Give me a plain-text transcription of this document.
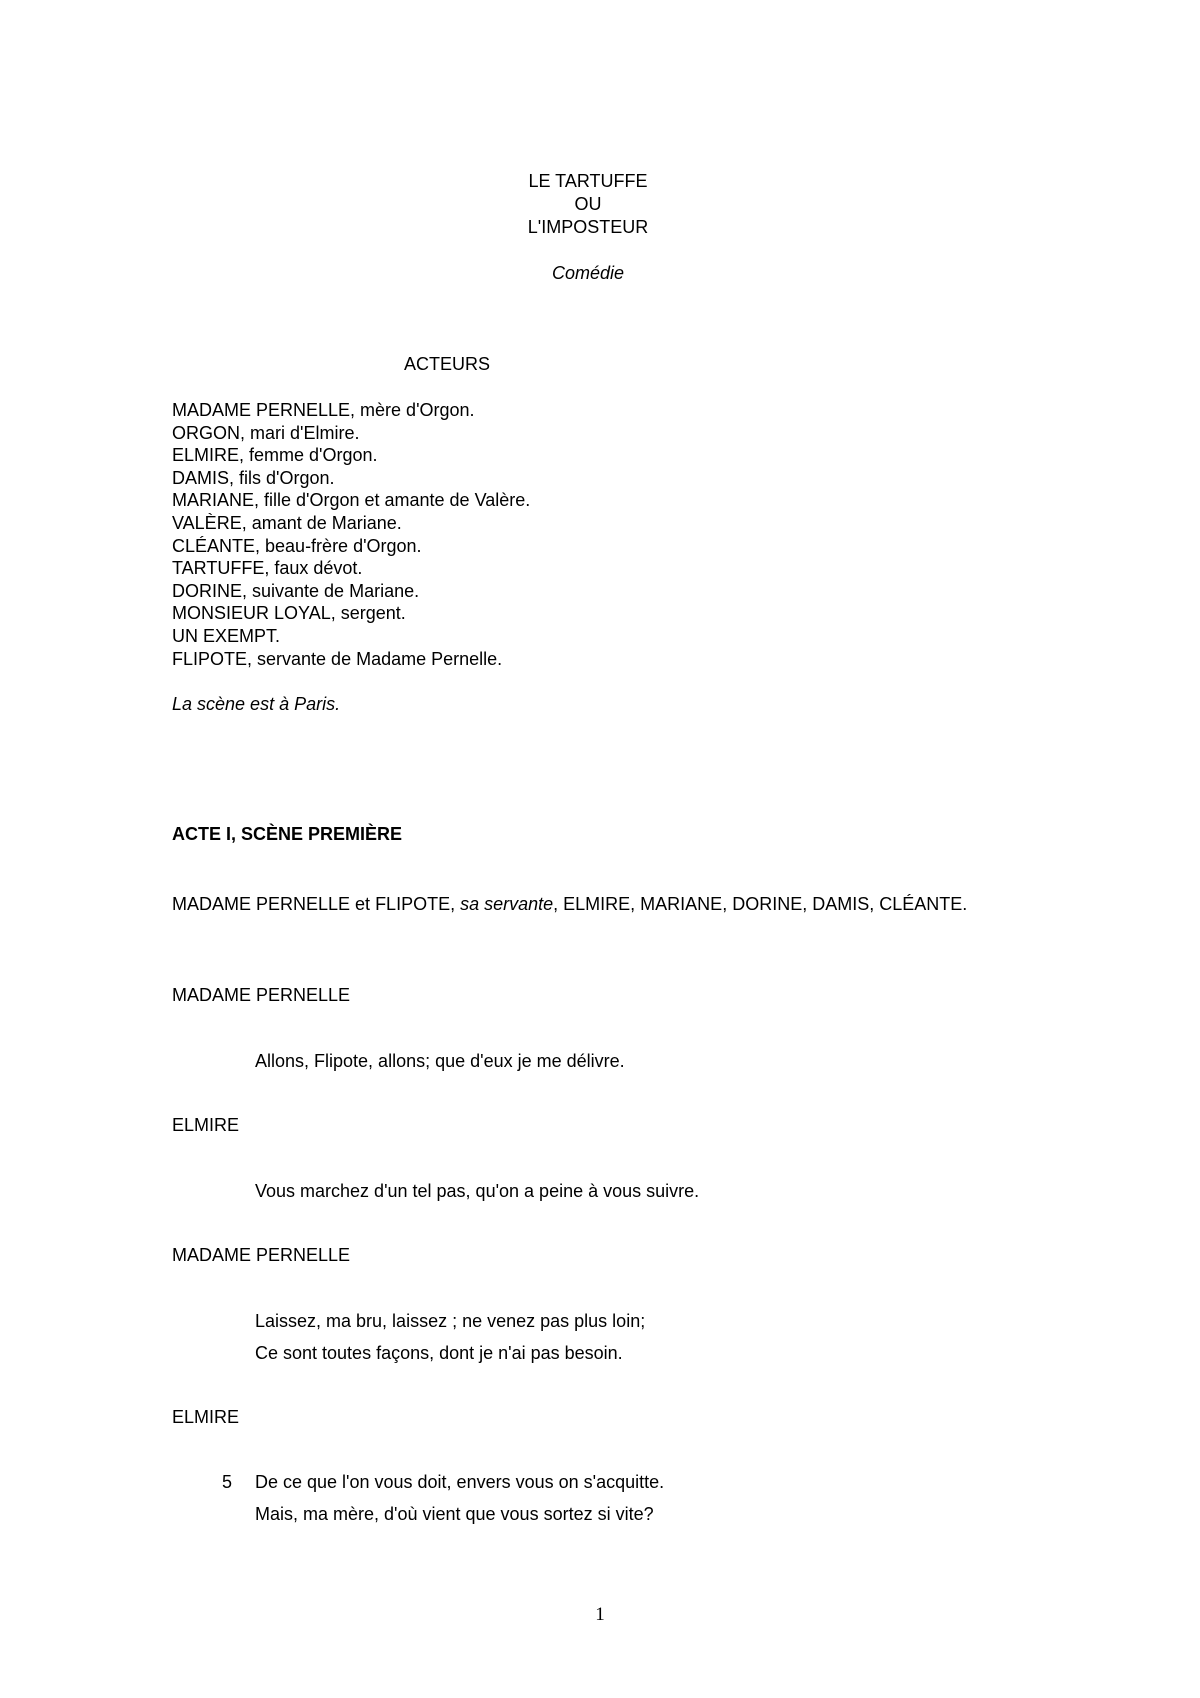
LE TARTUFFE
OU
L'IMPOSTEUR
Comédie
ACTEURS
MADAME PERNELLE, mère d'Orgon.
ORGON, mari d'Elmire.
ELMIRE, femme d'Orgon.
DAMIS, fils d'Orgon.
MARIANE, fille d'Orgon et amante de Valère.
VALÈRE, amant de Mariane.
CLÉANTE, beau-frère d'Orgon.
TARTUFFE, faux dévot.
DORINE, suivante de Mariane.
MONSIEUR LOYAL, sergent.
UN EXEMPT.
FLIPOTE, servante de Madame Pernelle.
La scène est à Paris.
ACTE I, SCÈNE PREMIÈRE
MADAME PERNELLE et FLIPOTE, sa servante, ELMIRE, MARIANE, DORINE, DAMIS, CLÉANTE.
MADAME PERNELLE
Allons, Flipote, allons; que d'eux je me délivre.
ELMIRE
Vous marchez d'un tel pas, qu'on a peine à vous suivre.
MADAME PERNELLE
Laissez, ma bru, laissez ; ne venez pas plus loin;
Ce sont toutes façons, dont je n'ai pas besoin.
ELMIRE
5 De ce que l'on vous doit, envers vous on s'acquitte.
Mais, ma mère, d'où vient que vous sortez si vite?
1
